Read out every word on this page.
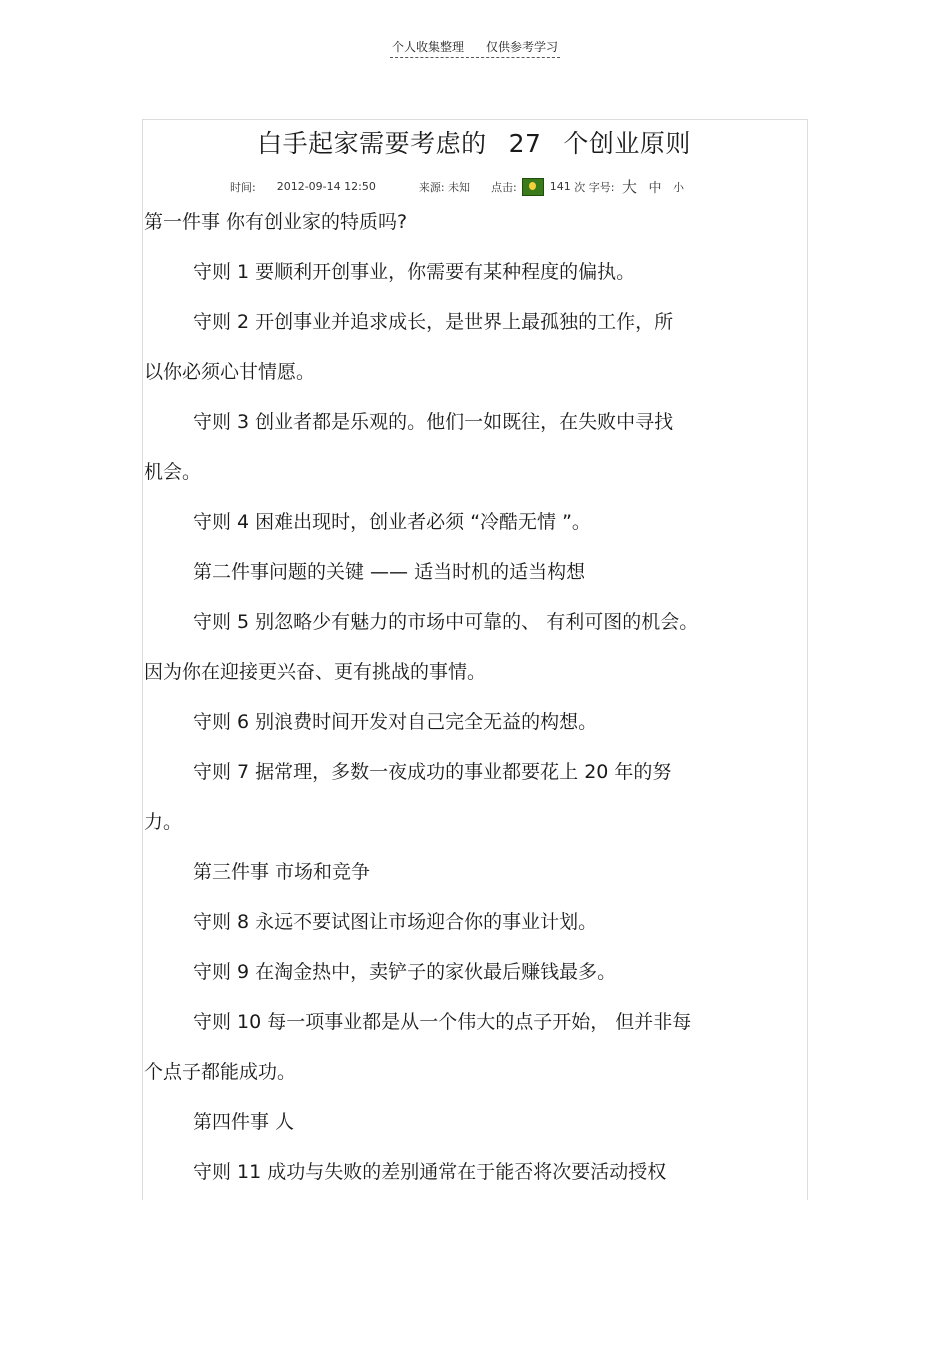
个人收集整理 仅供参考学习
白手起家需要考虑的 27 个创业原则
时间: 2012-09-14 12:50	来源: 未知 点击:	141 次 字号: 大 中 小
第一件事 你有创业家的特质吗?
守则 1 要顺利开创事业，你需要有某种程度的偏执。
守则 2 开创事业并追求成长，是世界上最孤独的工作，所
以你必须心甘情愿。
守则 3 创业者都是乐观的。他们一如既往，在失败中寻找
机会。
守则 4 困难出现时，创业者必须 “冷酷无情 ”。
第二件事问题的关键 —— 适当时机的适当构想
守则 5 别忽略少有魅力的市场中可靠的、 有利可图的机会。
因为你在迎接更兴奋、更有挑战的事情。
守则 6 别浪费时间开发对自己完全无益的构想。
守则 7 据常理，多数一夜成功的事业都要花上 20 年的努
力。
第三件事 市场和竞争
守则 8 永远不要试图让市场迎合你的事业计划。
守则 9 在淘金热中，卖铲子的家伙最后赚钱最多。
守则 10 每一项事业都是从一个伟大的点子开始， 但并非每
个点子都能成功。
第四件事 人
守则 11 成功与失败的差别通常在于能否将次要活动授权
